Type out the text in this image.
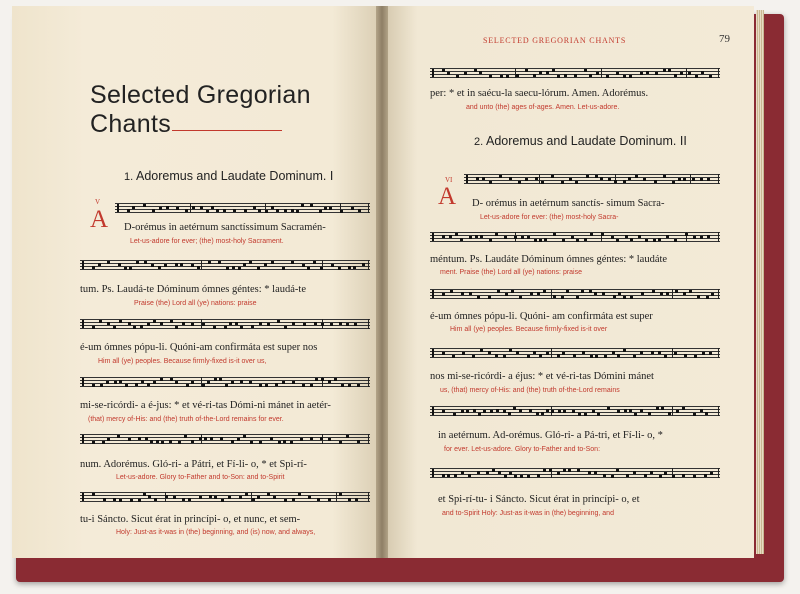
Selected Gregorian Chants
1. Adoremus and Laudate Dominum. I
V
A D-orémus in aetérnum sanctíssimum Sacramén-
Let-us-adore for ever; (the) most-holy Sacrament.
tum. Ps. Laudá-te Dóminum ómnes géntes: * laudá-te
Praise (the) Lord all (ye) nations: praise
é-um ómnes pópu-li. Quóni-am confirmáta est super nos
Him all (ye) peoples. Because firmly-fixed is-it over us,
mi-se-ricórdi- a é-jus: * et vé-ri-tas Dómi-ni mánet in aetér-
(that) mercy of-His: and (the) truth of-the-Lord remains for ever.
num. Adorémus. Gló-ri- a Pátri, et Fí-li- o, * et Spi-rí-
Let-us-adore. Glory to-Father and to-Son: and to-Spirit
tu-i Sáncto. Sicut érat in princípi- o, et nunc, et sem-
Holy: Just-as it-was in (the) beginning, and (is) now, and always,
SELECTED GREGORIAN CHANTS	79
per: * et in saécu-la saecu-lórum. Amen. Adorémus.
and unto (the) ages of-ages. Amen. Let-us-adore.
2. Adoremus and Laudate Dominum. II
VI
A D- orémus in aetérnum sanctís- simum Sacra-
Let-us-adore for ever: (the) most-holy Sacra-
méntum. Ps. Laudáte Dóminum ómnes géntes: * laudáte
ment. Praise (the) Lord all (ye) nations: praise
é-um ómnes pópu-li. Quóni- am confirmáta est super
Him all (ye) peoples. Because firmly-fixed is-it over
nos mi-se-ricórdi- a éjus: * et vé-ri-tas Dómini mánet
us, (that) mercy of-His: and (the) truth of-the-Lord remains
in aetérnum. Ad-orémus. Gló-ri- a Pá-tri, et Fí-li- o, *
for ever. Let-us-adore. Glory to-Father and to-Son:
et Spi-rí-tu- i Sáncto. Sicut érat in princípi- o, et
and to-Spirit Holy: Just-as it-was in (the) beginning, and
